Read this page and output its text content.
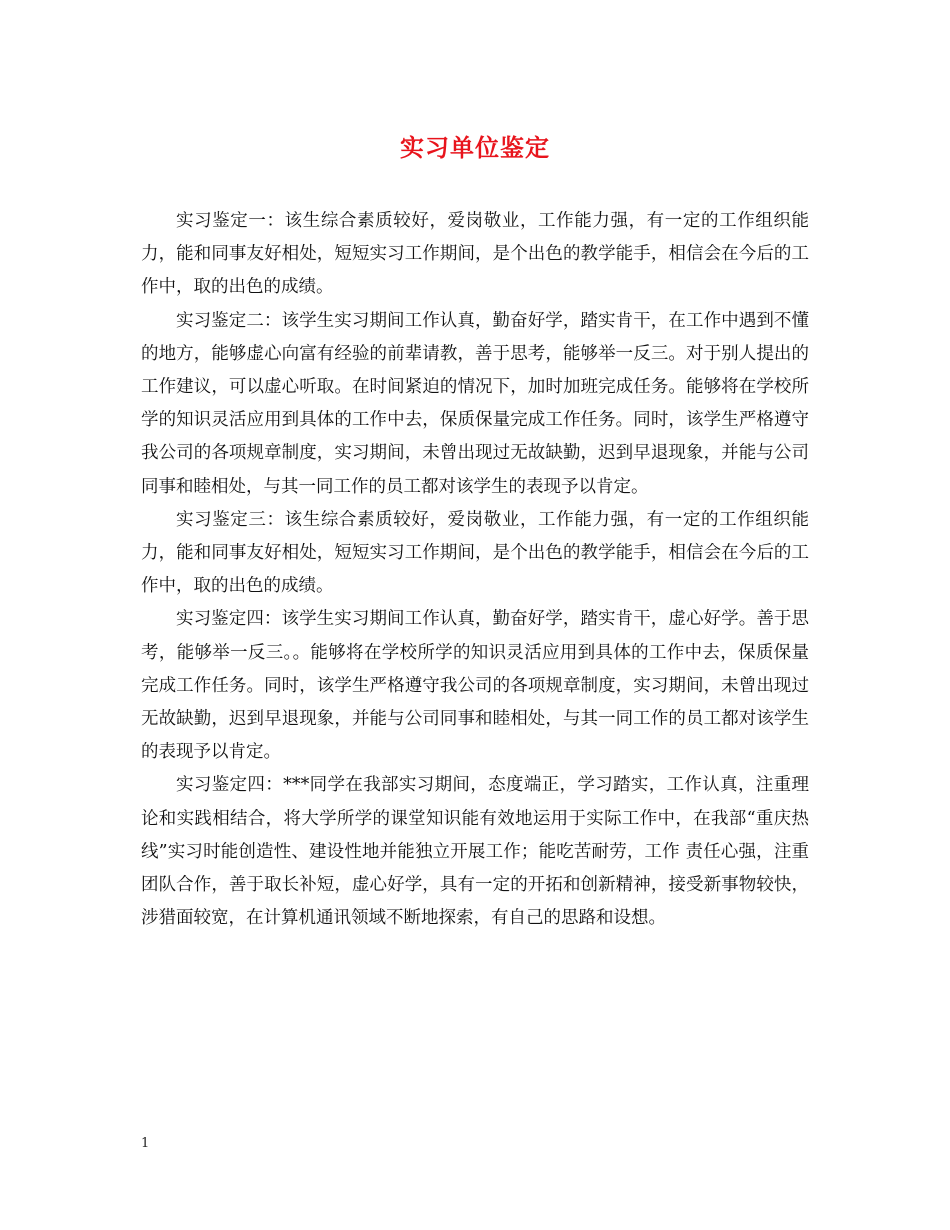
实习单位鉴定

实习鉴定一：该生综合素质较好，爱岗敬业，工作能力强，有一定的工作组织能力，能和同事友好相处，短短实习工作期间，是个出色的教学能手，相信会在今后的工作中，取的出色的成绩。

实习鉴定二：该学生实习期间工作认真，勤奋好学，踏实肯干，在工作中遇到不懂的地方，能够虚心向富有经验的前辈请教，善于思考，能够举一反三。对于别人提出的工作建议，可以虚心听取。在时间紧迫的情况下，加时加班完成任务。能够将在学校所学的知识灵活应用到具体的工作中去，保质保量完成工作任务。同时，该学生严格遵守我公司的各项规章制度，实习期间，未曾出现过无故缺勤，迟到早退现象，并能与公司同事和睦相处，与其一同工作的员工都对该学生的表现予以肯定。

实习鉴定三：该生综合素质较好，爱岗敬业，工作能力强，有一定的工作组织能力，能和同事友好相处，短短实习工作期间，是个出色的教学能手，相信会在今后的工作中，取的出色的成绩。

实习鉴定四：该学生实习期间工作认真，勤奋好学，踏实肯干，虚心好学。善于思考，能够举一反三。。能够将在学校所学的知识灵活应用到具体的工作中去，保质保量完成工作任务。同时，该学生严格遵守我公司的各项规章制度，实习期间，未曾出现过无故缺勤，迟到早退现象，并能与公司同事和睦相处，与其一同工作的员工都对该学生的表现予以肯定。

实习鉴定四：***同学在我部实习期间，态度端正，学习踏实，工作认真，注重理论和实践相结合，将大学所学的课堂知识能有效地运用于实际工作中，在我部“重庆热线”实习时能创造性、建设性地并能独立开展工作；能吃苦耐劳，工作 责任心强，注重团队合作，善于取长补短，虚心好学，具有一定的开拓和创新精神，接受新事物较快，涉猎面较宽，在计算机通讯领域不断地探索，有自己的思路和设想。

1
